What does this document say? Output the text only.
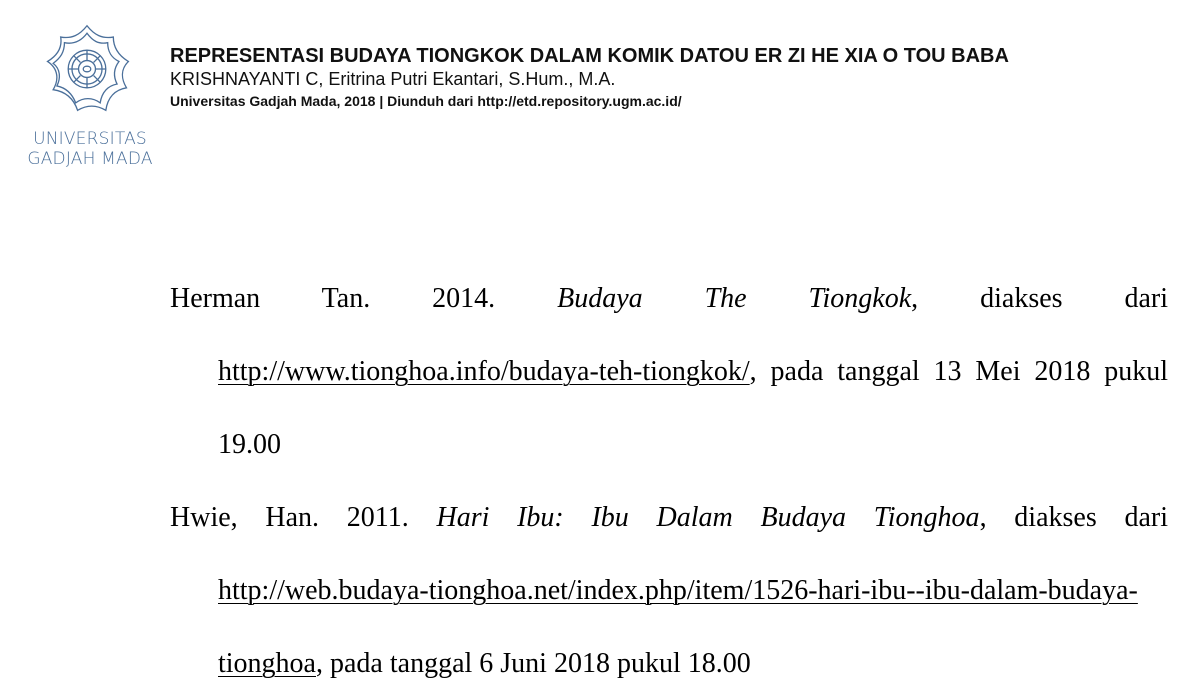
UNIVERSITAS
GADJAH MADA
REPRESENTASI BUDAYA TIONGKOK DALAM KOMIK DATOU ER ZI HE XIA O TOU BABA
KRISHNAYANTI C, Eritrina Putri Ekantari, S.Hum., M.A.
Universitas Gadjah Mada, 2018 | Diunduh dari http://etd.repository.ugm.ac.id/

Herman Tan. 2014. Budaya The Tiongkok, diakses dari http://www.tionghoa.info/budaya-teh-tiongkok/, pada tanggal 13 Mei 2018 pukul 19.00

Hwie, Han. 2011. Hari Ibu: Ibu Dalam Budaya Tionghoa, diakses dari http://web.budaya-tionghoa.net/index.php/item/1526-hari-ibu--ibu-dalam-budaya-tionghoa, pada tanggal 6 Juni 2018 pukul 18.00
